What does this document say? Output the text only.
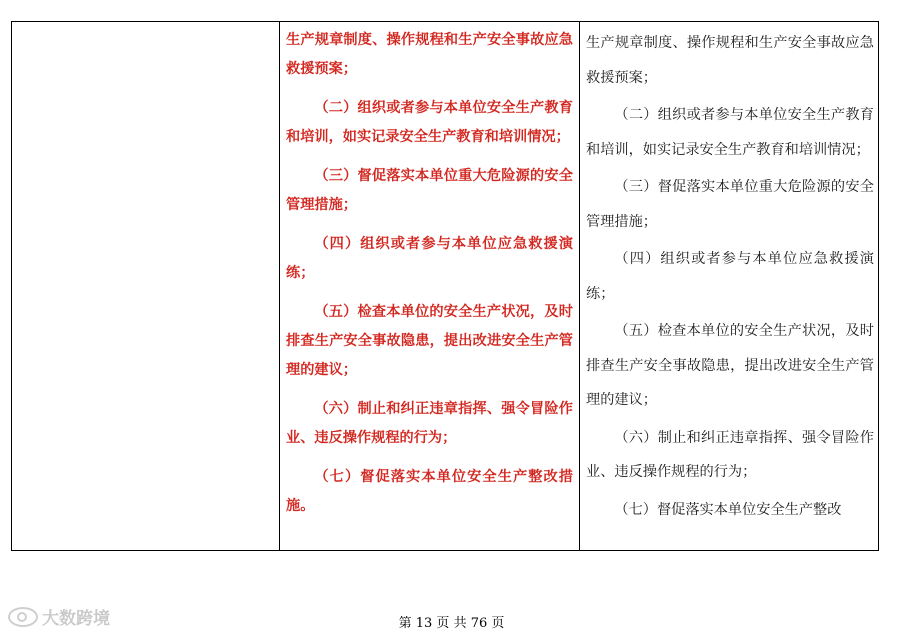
生产规章制度、操作规程和生产安全事故应急救援预案；

（二）组织或者参与本单位安全生产教育和培训，如实记录安全生产教育和培训情况；

（三）督促落实本单位重大危险源的安全管理措施；

（四）组织或者参与本单位应急救援演练；

（五）检查本单位的安全生产状况，及时排查生产安全事故隐患，提出改进安全生产管理的建议；

（六）制止和纠正违章指挥、强令冒险作业、违反操作规程的行为；

（七）督促落实本单位安全生产整改措施。

生产规章制度、操作规程和生产安全事故应急救援预案；

（二）组织或者参与本单位安全生产教育和培训，如实记录安全生产教育和培训情况；

（三）督促落实本单位重大危险源的安全管理措施；

（四）组织或者参与本单位应急救援演练；

（五）检查本单位的安全生产状况，及时排查生产安全事故隐患，提出改进安全生产管理的建议；

（六）制止和纠正违章指挥、强令冒险作业、违反操作规程的行为；

（七）督促落实本单位安全生产整改

大数跨境	第 13 页 共 76 页
